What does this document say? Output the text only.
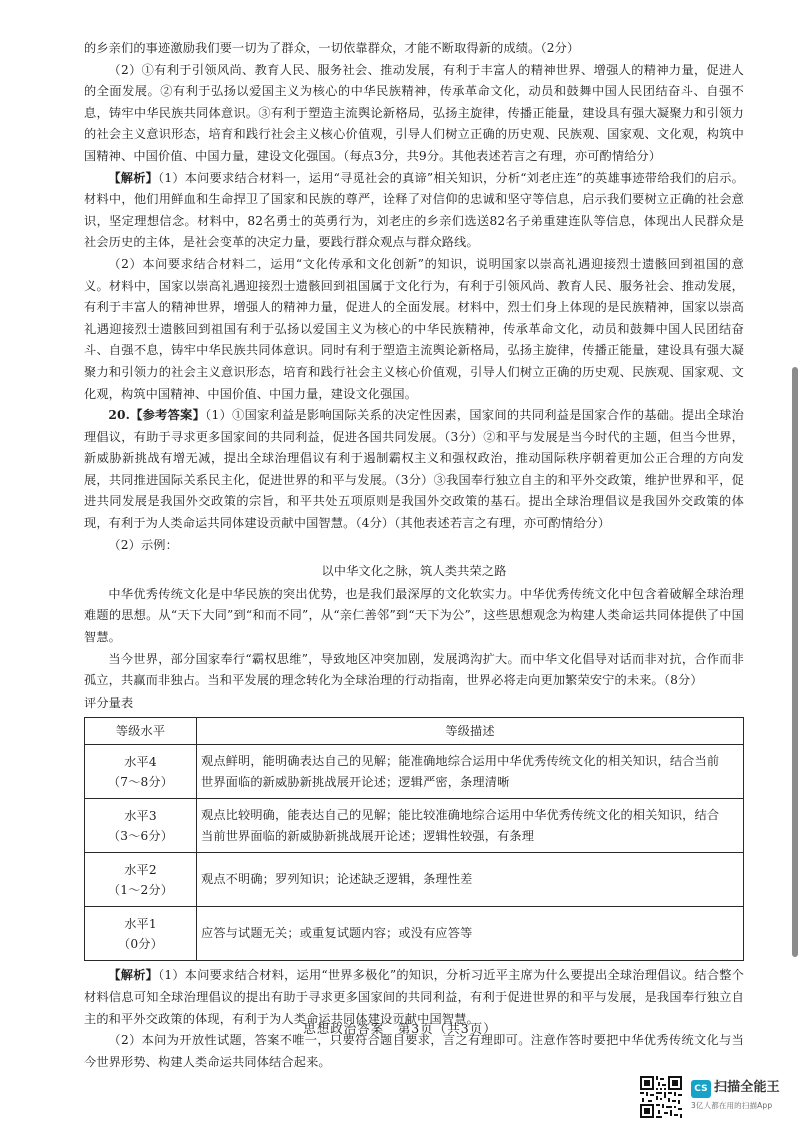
的乡亲们的事迹激励我们要一切为了群众，一切依靠群众，才能不断取得新的成绩。（2分）

（2）①有利于引领风尚、教育人民、服务社会、推动发展，有利于丰富人的精神世界、增强人的精神力量，促进人的全面发展。②有利于弘扬以爱国主义为核心的中华民族精神，传承革命文化，动员和鼓舞中国人民团结奋斗、自强不息，铸牢中华民族共同体意识。③有利于塑造主流舆论新格局，弘扬主旋律，传播正能量，建设具有强大凝聚力和引领力的社会主义意识形态，培育和践行社会主义核心价值观，引导人们树立正确的历史观、民族观、国家观、文化观，构筑中国精神、中国价值、中国力量，建设文化强国。（每点3分，共9分。其他表述若言之有理，亦可酌情给分）

【解析】（1）本问要求结合材料一，运用“寻觅社会的真谛”相关知识，分析“刘老庄连”的英雄事迹带给我们的启示。材料中，他们用鲜血和生命捍卫了国家和民族的尊严，诠释了对信仰的忠诚和坚守等信息，启示我们要树立正确的社会意识，坚定理想信念。材料中，82名勇士的英勇行为，刘老庄的乡亲们选送82名子弟重建连队等信息，体现出人民群众是社会历史的主体，是社会变革的决定力量，要践行群众观点与群众路线。

（2）本问要求结合材料二，运用“文化传承和文化创新”的知识，说明国家以崇高礼遇迎接烈士遗骸回到祖国的意义。材料中，国家以崇高礼遇迎接烈士遗骸回到祖国属于文化行为，有利于引领风尚、教育人民、服务社会、推动发展，有利于丰富人的精神世界，增强人的精神力量，促进人的全面发展。材料中，烈士们身上体现的是民族精神，国家以崇高礼遇迎接烈士遗骸回到祖国有利于弘扬以爱国主义为核心的中华民族精神，传承革命文化，动员和鼓舞中国人民团结奋斗、自强不息，铸牢中华民族共同体意识。同时有利于塑造主流舆论新格局，弘扬主旋律，传播正能量，建设具有强大凝聚力和引领力的社会主义意识形态，培育和践行社会主义核心价值观，引导人们树立正确的历史观、民族观、国家观、文化观，构筑中国精神、中国价值、中国力量，建设文化强国。

20.【参考答案】（1）①国家利益是影响国际关系的决定性因素，国家间的共同利益是国家合作的基础。提出全球治理倡议，有助于寻求更多国家间的共同利益，促进各国共同发展。（3分）②和平与发展是当今时代的主题，但当今世界，新威胁新挑战有增无减，提出全球治理倡议有利于遏制霸权主义和强权政治，推动国际秩序朝着更加公正合理的方向发展，共同推进国际关系民主化，促进世界的和平与发展。（3分）③我国奉行独立自主的和平外交政策，维护世界和平，促进共同发展是我国外交政策的宗旨，和平共处五项原则是我国外交政策的基石。提出全球治理倡议是我国外交政策的体现，有利于为人类命运共同体建设贡献中国智慧。（4分）（其他表述若言之有理，亦可酌情给分）

（2）示例：

以中华文化之脉，筑人类共荣之路

中华优秀传统文化是中华民族的突出优势，也是我们最深厚的文化软实力。中华优秀传统文化中包含着破解全球治理难题的思想。从“天下大同”到“和而不同”，从“亲仁善邻”到“天下为公”，这些思想观念为构建人类命运共同体提供了中国智慧。

当今世界，部分国家奉行“霸权思维”，导致地区冲突加剧，发展鸿沟扩大。而中华文化倡导对话而非对抗，合作而非孤立，共赢而非独占。当和平发展的理念转化为全球治理的行动指南，世界必将走向更加繁荣安宁的未来。（8分）

评分量表

等级水平	等级描述

水平4
（7～8分）	观点鲜明，能明确表达自己的见解；能准确地综合运用中华优秀传统文化的相关知识，结合当前世界面临的新威胁新挑战展开论述；逻辑严密，条理清晰

水平3
（3～6分）	观点比较明确，能表达自己的见解；能比较准确地综合运用中华优秀传统文化的相关知识，结合当前世界面临的新威胁新挑战展开论述；逻辑性较强，有条理

水平2
（1～2分）	观点不明确；罗列知识；论述缺乏逻辑，条理性差

水平1
（0分）	应答与试题无关；或重复试题内容；或没有应答等

【解析】（1）本问要求结合材料，运用“世界多极化”的知识，分析习近平主席为什么要提出全球治理倡议。结合整个材料信息可知全球治理倡议的提出有助于寻求更多国家间的共同利益，有利于促进世界的和平与发展，是我国奉行独立自主的和平外交政策的体现，有利于为人类命运共同体建设贡献中国智慧。

（2）本问为开放性试题，答案不唯一，只要符合题目要求，言之有理即可。注意作答时要把中华优秀传统文化与当今世界形势、构建人类命运共同体结合起来。

思想政治答案　第3页（共3页）
CS 扫描全能王
3亿人都在用的扫描App
